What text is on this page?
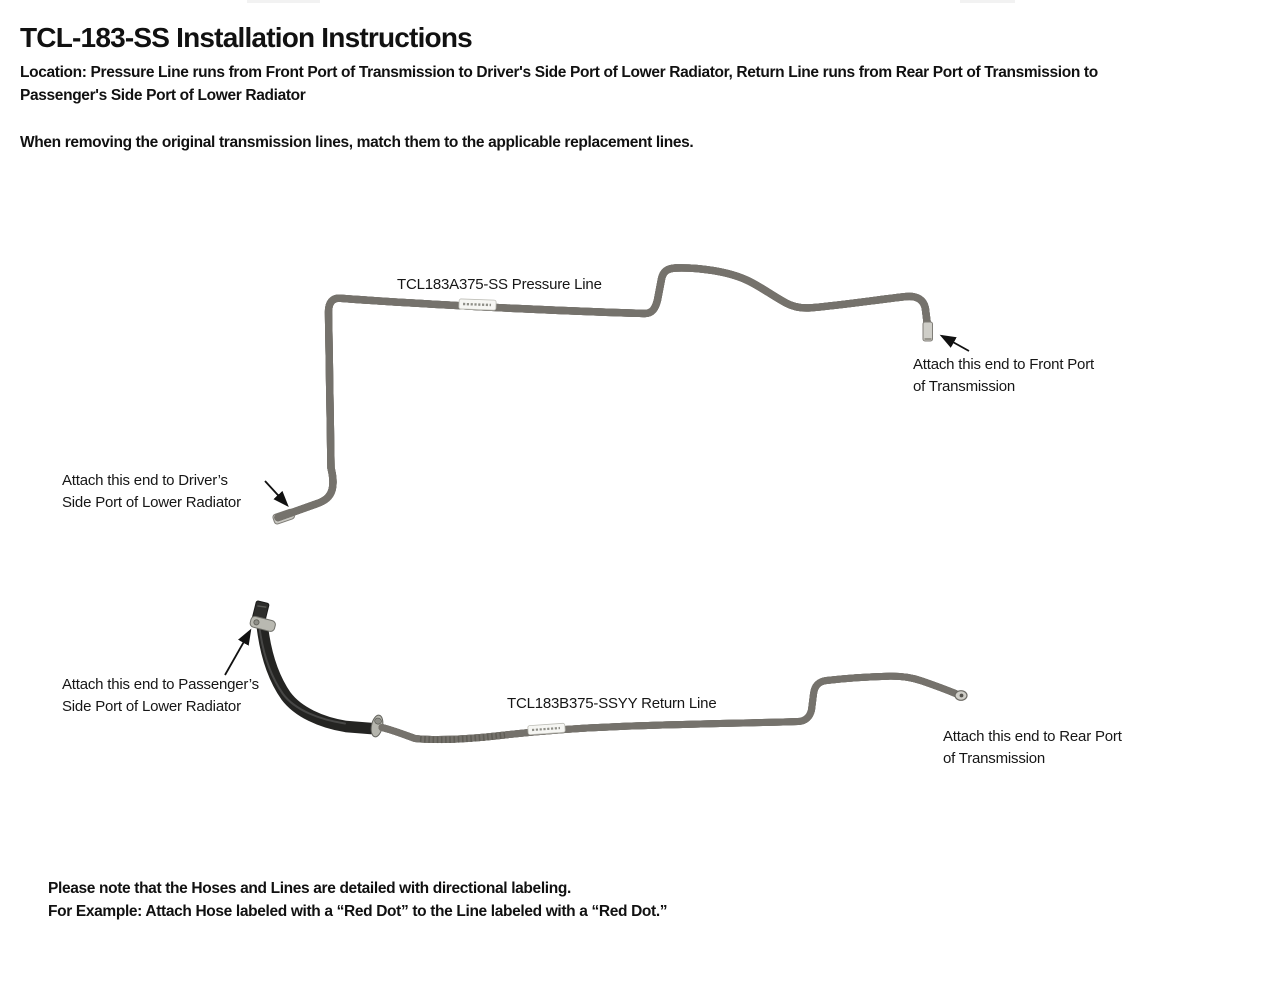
TCL-183-SS Installation Instructions
Location: Pressure Line runs from Front Port of Transmission to Driver's Side Port of Lower Radiator, Return Line runs from Rear Port of Transmission to
Passenger's Side Port of Lower Radiator
When removing the original transmission lines, match them to the applicable replacement lines.
TCL183A375-SS Pressure Line
Attach this end to Front Port
of Transmission
Attach this end to Driver’s
Side Port of Lower Radiator
Attach this end to Passenger’s
Side Port of Lower Radiator	TCL183B375-SSYY Return Line
Attach this end to Rear Port
of Transmission
Please note that the Hoses and Lines are detailed with directional labeling.
For Example: Attach Hose labeled with a “Red Dot” to the Line labeled with a “Red Dot.”
